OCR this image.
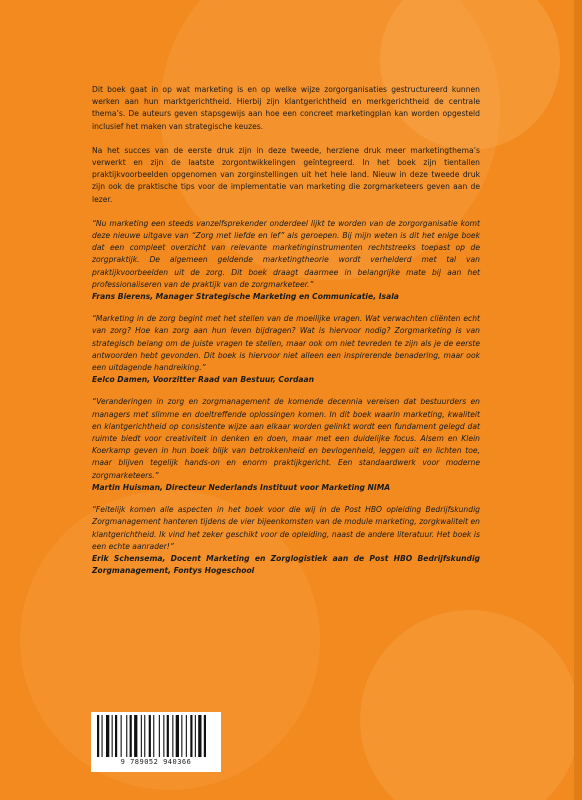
Dit boek gaat in op wat marketing is en op welke wijze zorgorganisaties gestructureerd kunnen werken aan hun marktgerichtheid. Hierbij zijn klantgerichtheid en merkgerichtheid de centrale thema’s. De auteurs geven stapsgewijs aan hoe een concreet marketingplan kan worden opgesteld inclusief het maken van strategische keuzes.

Na het succes van de eerste druk zijn in deze tweede, herziene druk meer marketingthema’s verwerkt en zijn de laatste zorgontwikkelingen geïntegreerd. In het boek zijn tientallen praktijkvoorbeelden opgenomen van zorginstellingen uit het hele land. Nieuw in deze tweede druk zijn ook de praktische tips voor de implementatie van marketing die zorgmarketeers geven aan de lezer.

“Nu marketing een steeds vanzelfsprekender onderdeel lijkt te worden van de zorgorganisatie komt deze nieuwe uitgave van “Zorg met liefde en lef” als geroepen. Bij mijn weten is dit het enige boek dat een compleet overzicht van relevante marketinginstrumenten rechtstreeks toepast op de zorgpraktijk. De algemeen geldende marketingtheorie wordt verhelderd met tal van praktijkvoorbeelden uit de zorg. Dit boek draagt daarmee in belangrijke mate bij aan het professionaliseren van de praktijk van de zorgmarketeer.”

Frans Bierens, Manager Strategische Marketing en Communicatie, Isala

“Marketing in de zorg begint met het stellen van de moeilijke vragen. Wat verwachten cliënten echt van zorg? Hoe kan zorg aan hun leven bijdragen? Wat is hiervoor nodig? Zorgmarketing is van strategisch belang om de juiste vragen te stellen, maar ook om niet tevreden te zijn als je de eerste antwoorden hebt gevonden. Dit boek is hiervoor niet alleen een inspirerende benadering, maar ook een uitdagende handreiking.”

Eelco Damen, Voorzitter Raad van Bestuur, Cordaan

“Veranderingen in zorg en zorgmanagement de komende decennia vereisen dat bestuurders en managers met slimme en doeltreffende oplossingen komen. In dit boek waarin marketing, kwaliteit en klantgerichtheid op consistente wijze aan elkaar worden gelinkt wordt een fundament gelegd dat ruimte biedt voor creativiteit in denken en doen, maar met een duidelijke focus. Alsem en Klein Koerkamp geven in hun boek blijk van betrokkenheid en bevlogenheid, leggen uit en lichten toe, maar blijven tegelijk hands-on en enorm praktijkgericht. Een standaardwerk voor moderne zorgmarketeers.”

Martin Huisman, Directeur Nederlands Instituut voor Marketing NIMA

“Feitelijk komen alle aspecten in het boek voor die wij in de Post HBO opleiding Bedrijfskundig Zorgmanagement hanteren tijdens de vier bijeenkomsten van de module marketing, zorgkwaliteit en klantgerichtheid. Ik vind het zeker geschikt voor de opleiding, naast de andere literatuur. Het boek is een echte aanrader!”

Erik Schensema, Docent Marketing en Zorglogistiek aan de Post HBO Bedrijfskundig Zorgmanagement, Fontys Hogeschool

9 789052 940366
